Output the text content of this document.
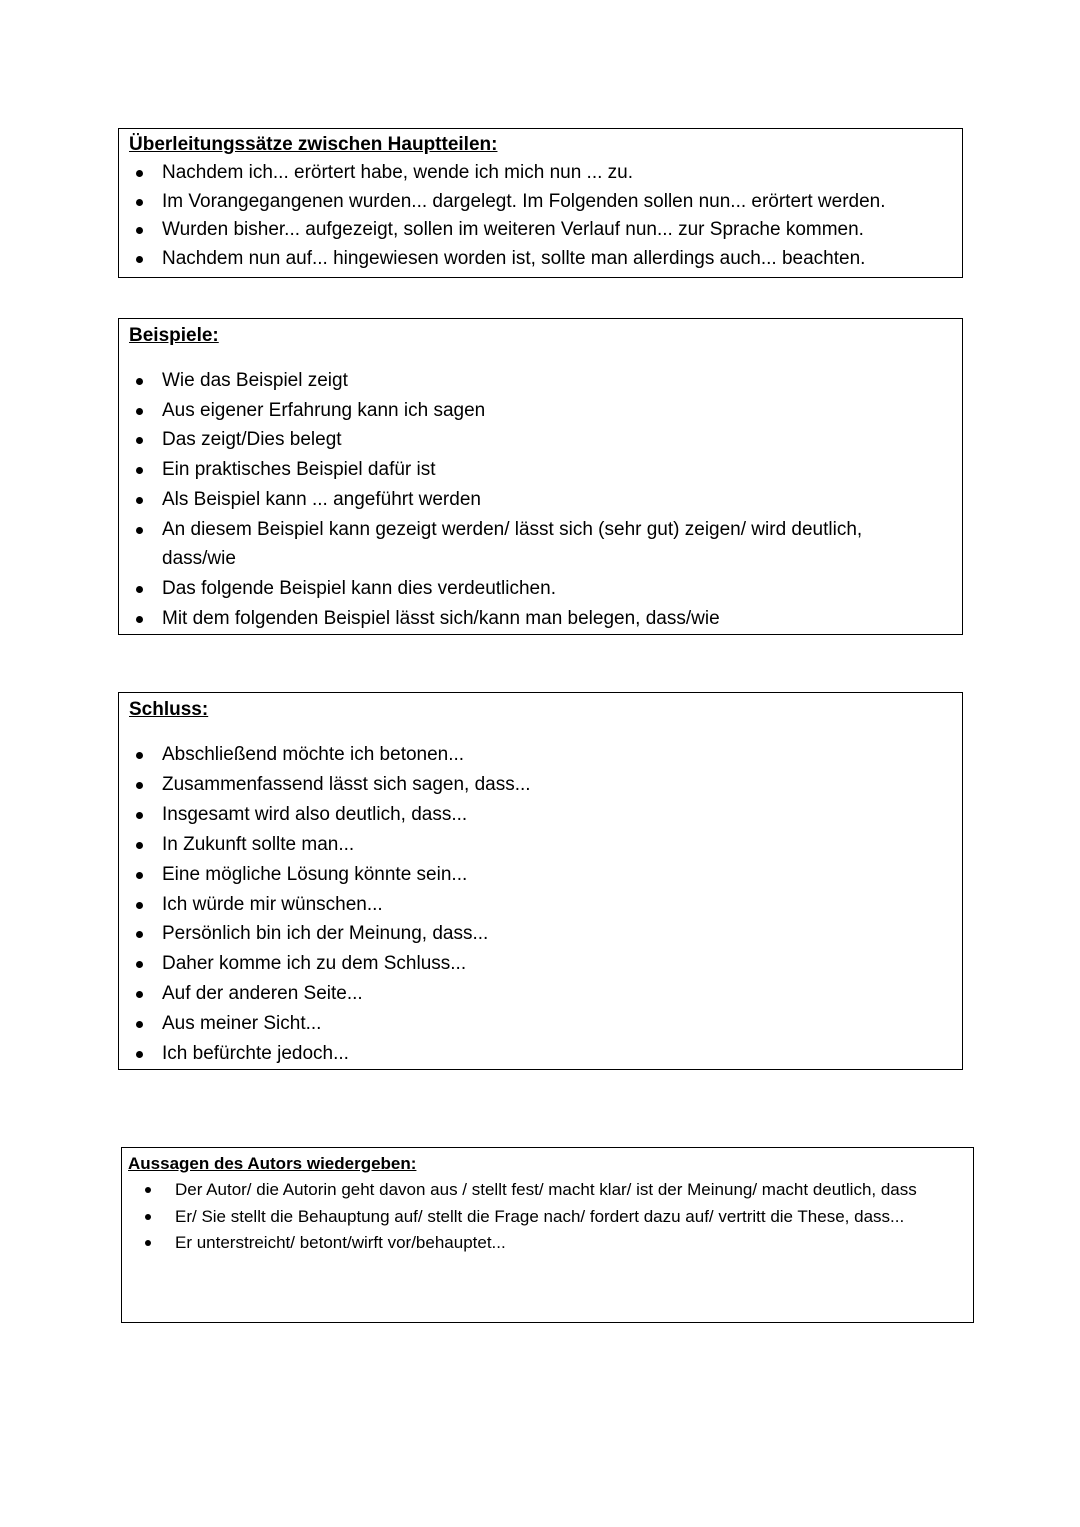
Überleitungssätze zwischen Hauptteilen:

Nachdem ich... erörtert habe, wende ich mich nun ... zu.
Im Vorangegangenen wurden... dargelegt. Im Folgenden sollen nun... erörtert werden.
Wurden bisher... aufgezeigt, sollen im weiteren Verlauf nun... zur Sprache kommen.
Nachdem nun auf... hingewiesen worden ist, sollte man allerdings auch... beachten.

Beispiele:

Wie das Beispiel zeigt
Aus eigener Erfahrung kann ich sagen
Das zeigt/Dies belegt
Ein praktisches Beispiel dafür ist
Als Beispiel kann ... angeführt werden
An diesem Beispiel kann gezeigt werden/ lässt sich (sehr gut) zeigen/ wird deutlich, dass/wie
Das folgende Beispiel kann dies verdeutlichen.
Mit dem folgenden Beispiel lässt sich/kann man belegen, dass/wie

Schluss:

Abschließend möchte ich betonen...
Zusammenfassend lässt sich sagen, dass...
Insgesamt wird also deutlich, dass...
In Zukunft sollte man...
Eine mögliche Lösung könnte sein...
Ich würde mir wünschen...
Persönlich bin ich der Meinung, dass...
Daher komme ich zu dem Schluss...
Auf der anderen Seite...
Aus meiner Sicht...
Ich befürchte jedoch...

Aussagen des Autors wiedergeben:

Der Autor/ die Autorin geht davon aus / stellt fest/ macht klar/ ist der Meinung/ macht deutlich, dass
Er/ Sie stellt die Behauptung auf/ stellt die Frage nach/ fordert dazu auf/ vertritt die These, dass...
Er unterstreicht/ betont/wirft vor/behauptet...
